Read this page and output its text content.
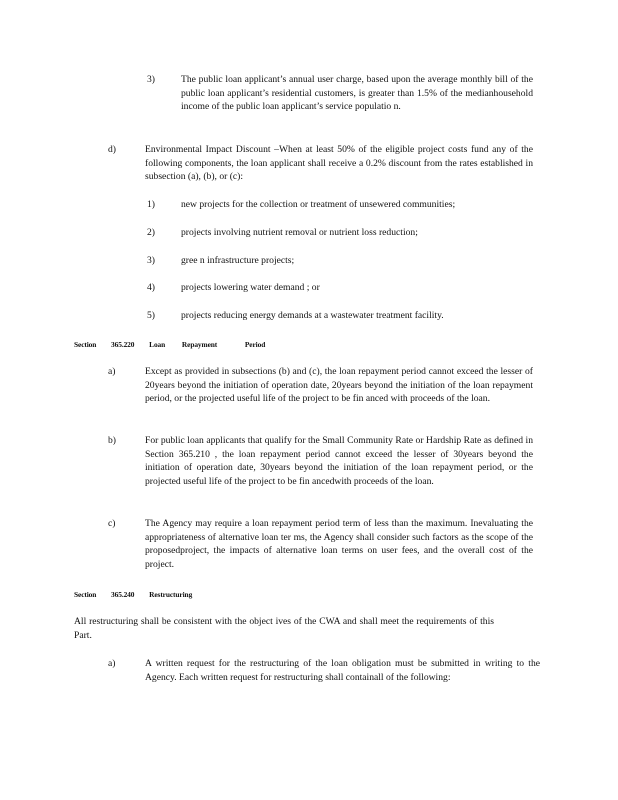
3)	The public loan applicant’s annual user charge, based upon the average monthly bill of the public loan applicant’s residential customers, is greater than 1.5% of the medianhousehold income of the public loan applicant’s service populatio n.

d)	Environmental Impact Discount –When at least 50% of the eligible project costs fund any of the following components, the loan applicant shall receive a 0.2% discount from the rates established in subsection (a), (b), or (c):

1)	new projects for the collection or treatment of unsewered communities;
2)	projects involving nutrient removal or nutrient loss reduction;
3)	gree n infrastructure projects;
4)	projects lowering water demand ; or
5)	projects reducing energy demands at a wastewater treatment facility.
Section 365.220 Loan Repayment	Period
a)	Except as provided in subsections (b) and (c), the loan repayment period cannot exceed the lesser of 20years beyond the initiation of operation date, 20years beyond the initiation of the loan repayment period, or the projected useful life of the project to be fin anced with proceeds of the loan.

b)	For public loan applicants that qualify for the Small Community Rate or Hardship Rate as defined in Section 365.210 , the loan repayment period cannot exceed the lesser of 30years beyond the initiation of operation date, 30years beyond the initiation of the loan repayment period, or the projected useful life of the project to be fin ancedwith proceeds of the loan.

c)	The Agency may require a loan repayment period term of less than the maximum. Inevaluating the appropriateness of alternative loan ter ms, the Agency shall consider such factors as the scope of the proposedproject, the impacts of alternative loan terms on user fees, and the overall cost of the project.

Section 365.240 Restructuring

All restructuring shall be consistent with the object ives of the CWA and shall meet the requirements of this Part.

a)	A written request for the restructuring of the loan obligation must be submitted in writing to the Agency. Each written request for restructuring shall containall of the following:
